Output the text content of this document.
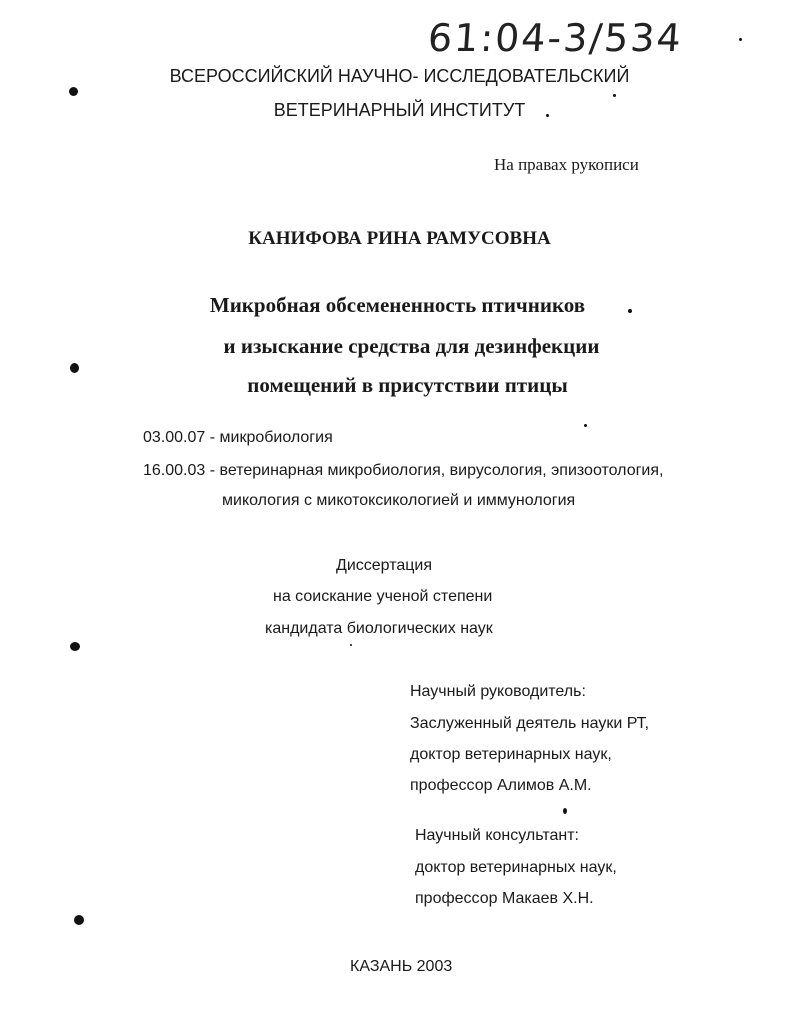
61:04-3/534
ВСЕРОССИЙСКИЙ НАУЧНО- ИССЛЕДОВАТЕЛЬСКИЙ
ВЕТЕРИНАРНЫЙ ИНСТИТУТ
На правах рукописи
КАНИФОВА РИНА РАМУСОВНА
Микробная обсемененность птичников
и изыскание средства для дезинфекции
помещений в присутствии птицы
03.00.07 - микробиология
16.00.03 - ветеринарная микробиология, вирусология, эпизоотология,
микология с микотоксикологией и иммунология
Диссертация
на соискание ученой степени
кандидата биологических наук
Научный руководитель:
Заслуженный деятель науки РТ,
доктор ветеринарных наук,
профессор Алимов А.М.
Научный консультант:
доктор ветеринарных наук,
профессор Макаев Х.Н.
КАЗАНЬ 2003
